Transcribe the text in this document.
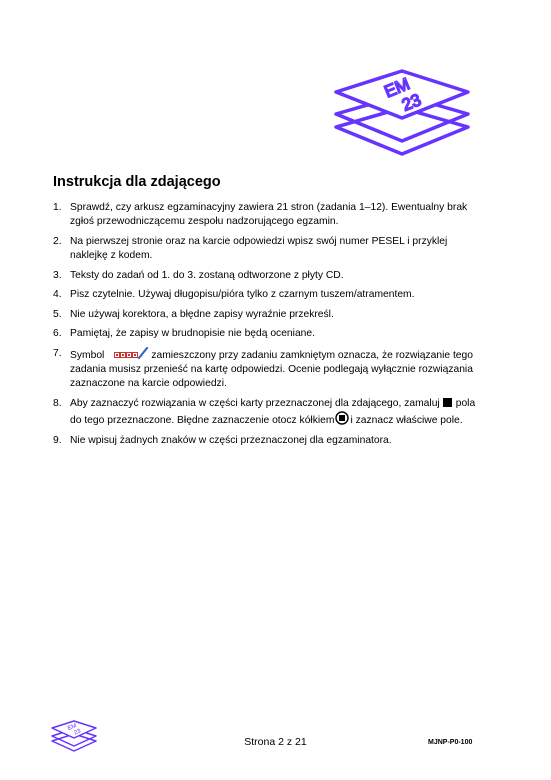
EM
23
Instrukcja dla zdającego
1. Sprawdź, czy arkusz egzaminacyjny zawiera 21 stron (zadania 1–12). Ewentualny brak zgłoś przewodniczącemu zespołu nadzorującego egzamin.
2. Na pierwszej stronie oraz na karcie odpowiedzi wpisz swój numer PESEL i przyklej naklejkę z kodem.
3. Teksty do zadań od 1. do 3. zostaną odtworzone z płyty CD.
4. Pisz czytelnie. Używaj długopisu/pióra tylko z czarnym tuszem/atramentem.
5. Nie używaj korektora, a błędne zapisy wyraźnie przekreśl.
6. Pamiętaj, że zapisy w brudnopisie nie będą oceniane.
7. Symbol	zamieszczony przy zadaniu zamkniętym oznacza, że rozwiązanie tego zadania musisz przenieść na kartę odpowiedzi. Ocenie podlegają wyłącznie rozwiązania zaznaczone na karcie odpowiedzi.
8. Aby zaznaczyć rozwiązania w części karty przeznaczonej dla zdającego, zamaluj pola do tego przeznaczone. Błędne zaznaczenie otocz kółkiem i zaznacz właściwe pole.
9. Nie wpisuj żadnych znaków w części przeznaczonej dla egzaminatora.
EM
23
Strona 2 z 21	MJNP-P0-100
